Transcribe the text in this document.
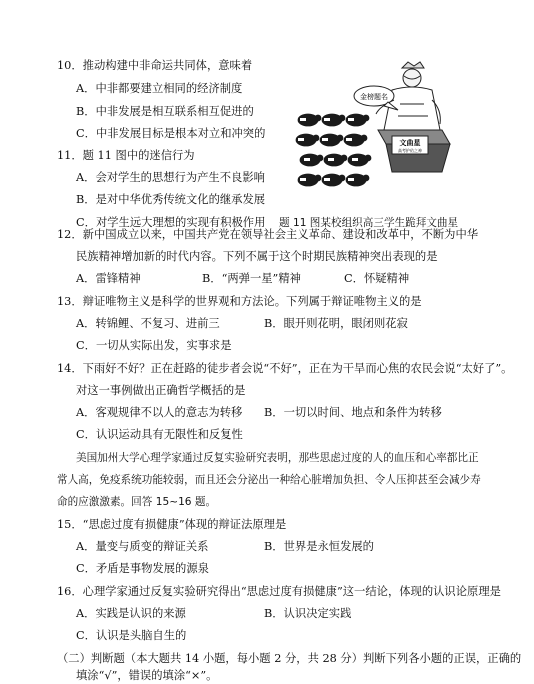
10．推动构建中非命运共同体，意味着
A．中非都要建立相同的经济制度
B．中非发展是相互联系相互促进的
C．中非发展目标是根本对立和冲突的
11．题 11 图中的迷信行为
A．会对学生的思想行为产生不良影响
B．是对中华优秀传统文化的继承发展
C．对学生远大理想的实现有积极作用 题 11 图某校组织高三学生跪拜文曲星
文曲星
高考护佑之神
金榜题名
12．新中国成立以来，中国共产党在领导社会主义革命、建设和改革中，不断为中华
民族精神增加新的时代内容。下列不属于这个时期民族精神突出表现的是
A．雷锋精神	B．“两弹一星”精神	C．怀疑精神
13．辩证唯物主义是科学的世界观和方法论。下列属于辩证唯物主义的是
A．转锦鲤、不复习、进前三	B．眼开则花明，眼闭则花寂
C．一切从实际出发，实事求是
14．下雨好不好？正在赶路的徒步者会说“不好”，正在为干旱而心焦的农民会说“太好了”。
对这一事例做出正确哲学概括的是
A．客观规律不以人的意志为转移 B．一切以时间、地点和条件为转移
C．认识运动具有无限性和反复性
美国加州大学心理学家通过反复实验研究表明，那些思虑过度的人的血压和心率都比正
常人高，免疫系统功能较弱，而且还会分泌出一种给心脏增加负担、令人压抑甚至会减少寿
命的应激激素。回答 15~16 题。
15．“思虑过度有损健康”体现的辩证法原理是
A．量变与质变的辩证关系	B．世界是永恒发展的
C．矛盾是事物发展的源泉
16．心理学家通过反复实验研究得出“思虑过度有损健康”这一结论，体现的认识论原理是
A．实践是认识的来源	B．认识决定实践
C．认识是头脑自生的
（二）判断题（本大题共 14 小题，每小题 2 分，共 28 分）判断下列各小题的正误，正确的
填涂“√”，错误的填涂“×”。
